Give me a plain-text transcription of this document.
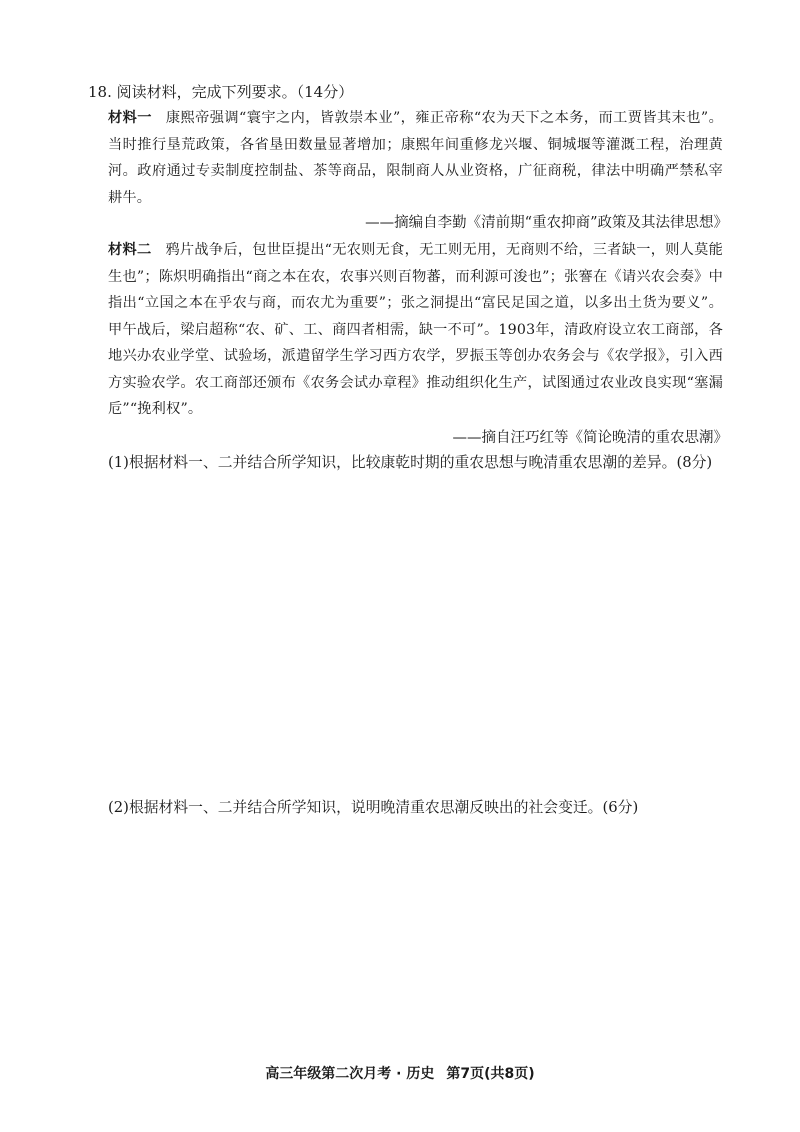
18. 阅读材料，完成下列要求。（14分）
材料一 康熙帝强调“寰宇之内，皆敦崇本业”，雍正帝称“农为天下之本务，而工贾皆其末也”。当时推行垦荒政策，各省垦田数量显著增加；康熙年间重修龙兴堰、铜城堰等灌溉工程，治理黄河。政府通过专卖制度控制盐、茶等商品，限制商人从业资格，广征商税，律法中明确严禁私宰耕牛。
——摘编自李勤《清前期“重农抑商”政策及其法律思想》
材料二 鸦片战争后，包世臣提出“无农则无食，无工则无用，无商则不给，三者缺一，则人莫能生也”；陈炽明确指出“商之本在农，农事兴则百物蕃，而利源可浚也”；张謇在《请兴农会奏》中指出“立国之本在乎农与商，而农尤为重要”；张之洞提出“富民足国之道，以多出土货为要义”。甲午战后，梁启超称“农、矿、工、商四者相需，缺一不可”。1903年，清政府设立农工商部，各地兴办农业学堂、试验场，派遣留学生学习西方农学，罗振玉等创办农务会与《农学报》，引入西方实验农学。农工商部还颁布《农务会试办章程》推动组织化生产，试图通过农业改良实现“塞漏卮”“挽利权”。
——摘自汪巧红等《简论晚清的重农思潮》
(1)根据材料一、二并结合所学知识，比较康乾时期的重农思想与晚清重农思潮的差异。(8分)
(2)根据材料一、二并结合所学知识，说明晚清重农思潮反映出的社会变迁。(6分)
高三年级第二次月考 · 历史 第7页(共8页)
